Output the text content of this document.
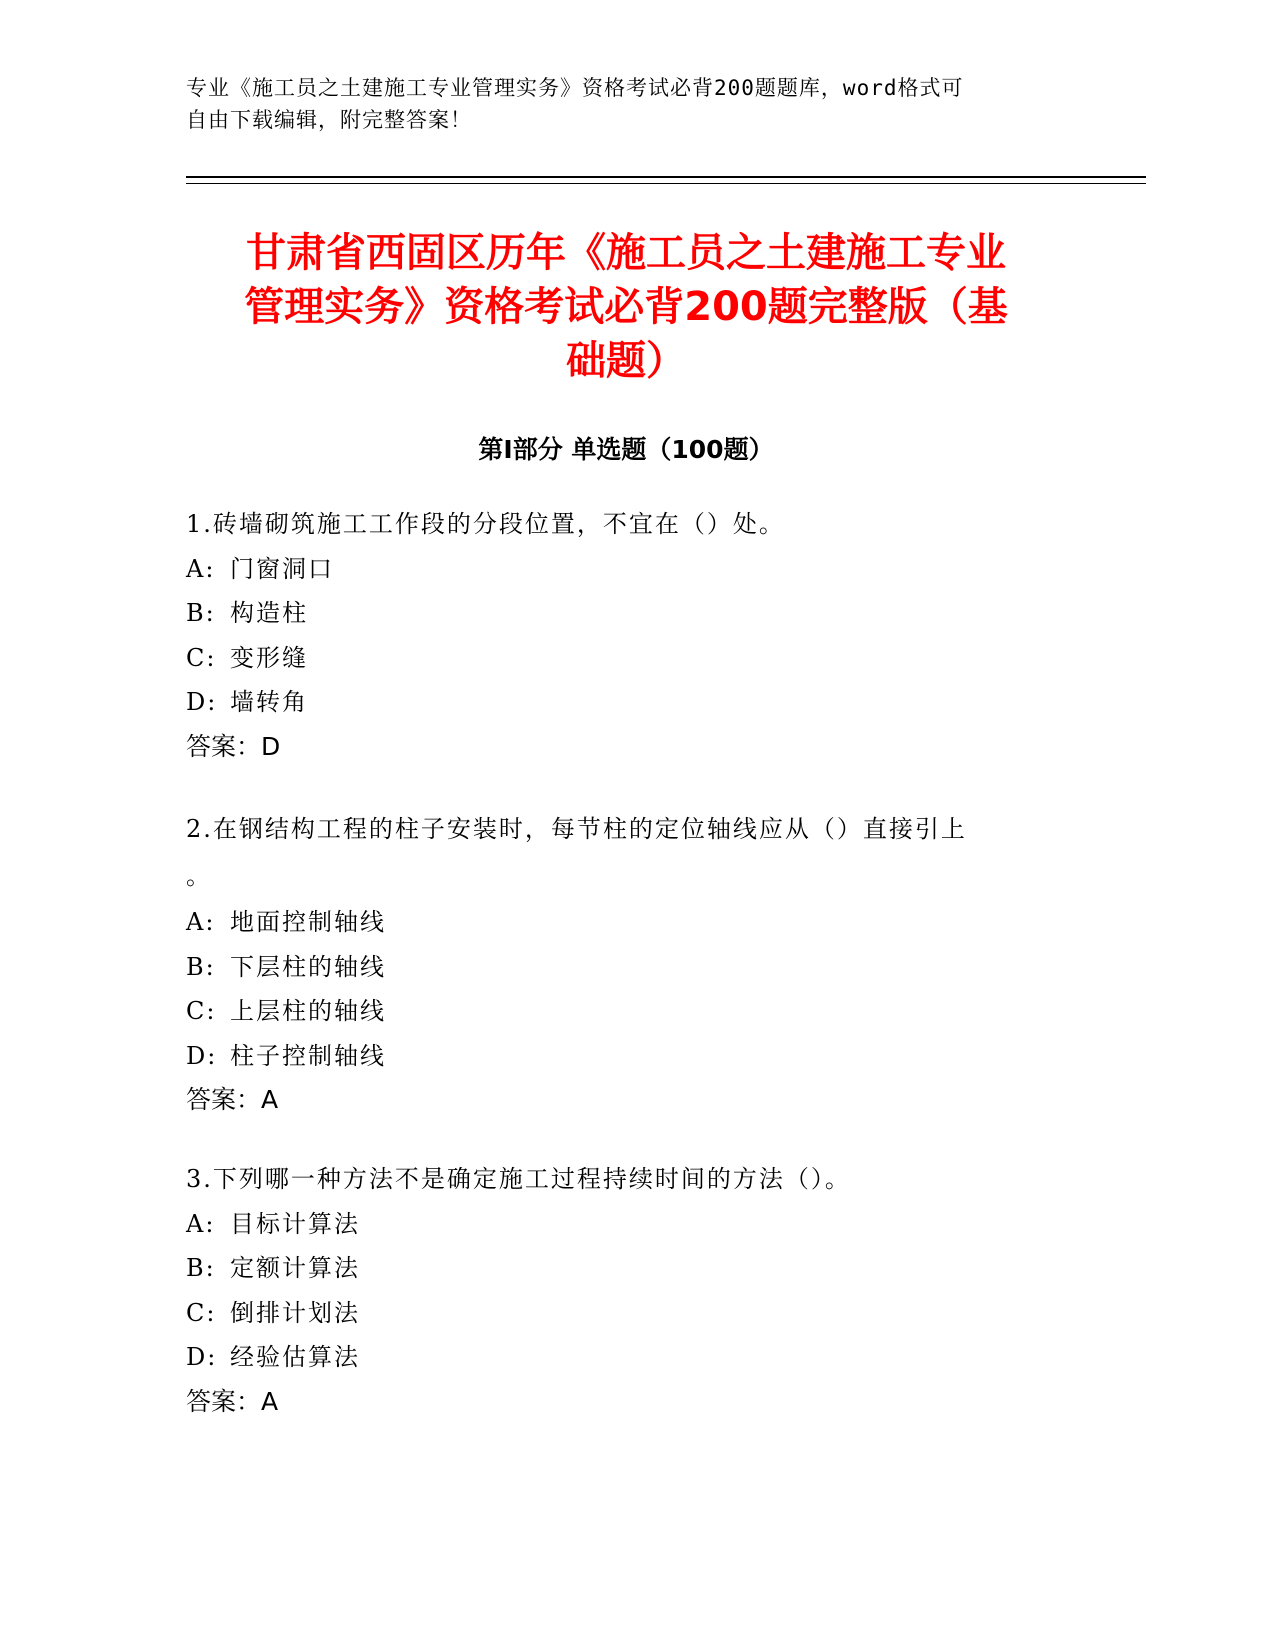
专业《施工员之土建施工专业管理实务》资格考试必背200题题库，word格式可
自由下载编辑，附完整答案！
甘肃省西固区历年《施工员之土建施工专业
管理实务》资格考试必背200题完整版（基
础题）
第Ⅰ部分 单选题（100题）
1.砖墙砌筑施工工作段的分段位置，不宜在（）处。
A: 门窗洞口
B: 构造柱
C: 变形缝
D: 墙转角
答案：D
2.在钢结构工程的柱子安装时，每节柱的定位轴线应从（）直接引上
。
A: 地面控制轴线
B: 下层柱的轴线
C: 上层柱的轴线
D: 柱子控制轴线
答案：A
3.下列哪一种方法不是确定施工过程持续时间的方法（）。
A: 目标计算法
B: 定额计算法
C: 倒排计划法
D: 经验估算法
答案：A
